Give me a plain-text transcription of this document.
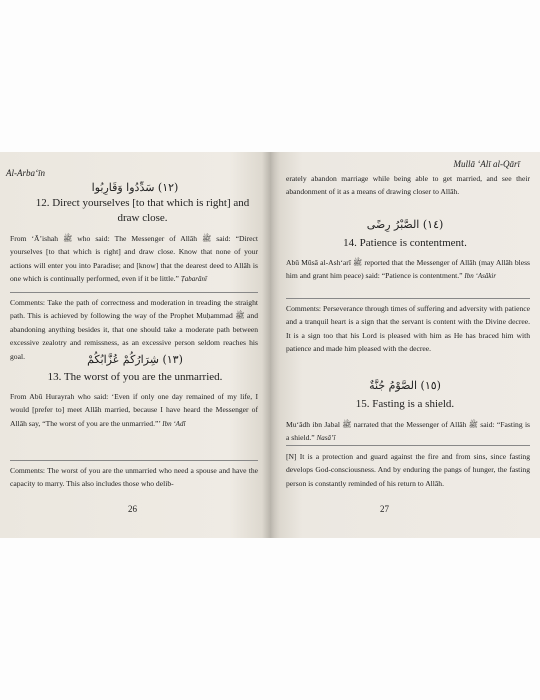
Al-Arba‘īn
(١٢) سَدِّدُوا وَقَارِبُوا
12. Direct yourselves [to that which is right] and draw close.
From ‘Ā’ishah ﷺ who said: The Messenger of Allāh ﷺ said: “Direct yourselves [to that which is right] and draw close. Know that none of your actions will enter you into Paradise; and [know] that the dearest deed to Allāh is one which is continually performed, even if it be little.” Ṭabarānī
Comments: Take the path of correctness and moderation in treading the straight path. This is achieved by following the way of the Prophet Muḥammad ﷺ and abandoning anything besides it, that one should take a moderate path between excessive zealotry and remissness, as an excessive person seldom reaches his goal.	(١٣) شِرَارُكُمْ عُزَّابُكُمْ
13. The worst of you are the unmarried.
From Abū Hurayrah who said: ‘Even if only one day remained of my life, I would [prefer to] meet Allāh married, because I have heard the Messenger of Allāh say, “The worst of you are the unmarried.”’ Ibn ‘Adī
Comments: The worst of you are the unmarried who need a spouse and have the capacity to marry. This also includes those who delib-
26
Mullā ‘Alī al-Qārī
erately abandon marriage while being able to get married, and see their abandonment of it as a means of drawing closer to Allāh.
(١٤) الصَّبْرُ رِضًى
14. Patience is contentment.
Abū Mūsā al-Ash‘arī ﷺ reported that the Messenger of Allāh (may Allāh bless him and grant him peace) said: “Patience is contentment.” Ibn ‘Asākir
Comments: Perseverance through times of suffering and adversity with patience and a tranquil heart is a sign that the servant is content with the Divine decree. It is a sign too that his Lord is pleased with him as He has braced him with patience and made him pleased with the decree.
(١٥) الصَّوْمُ جُنَّةٌ
15. Fasting is a shield.
Mu‘ādh ibn Jabal ﷺ narrated that the Messenger of Allāh ﷺ said: “Fasting is a shield.” Nasā’ī
[N] It is a protection and guard against the fire and from sins, since fasting develops God-consciousness. And by enduring the pangs of hunger, the fasting person is constantly reminded of his return to Allāh.
27
